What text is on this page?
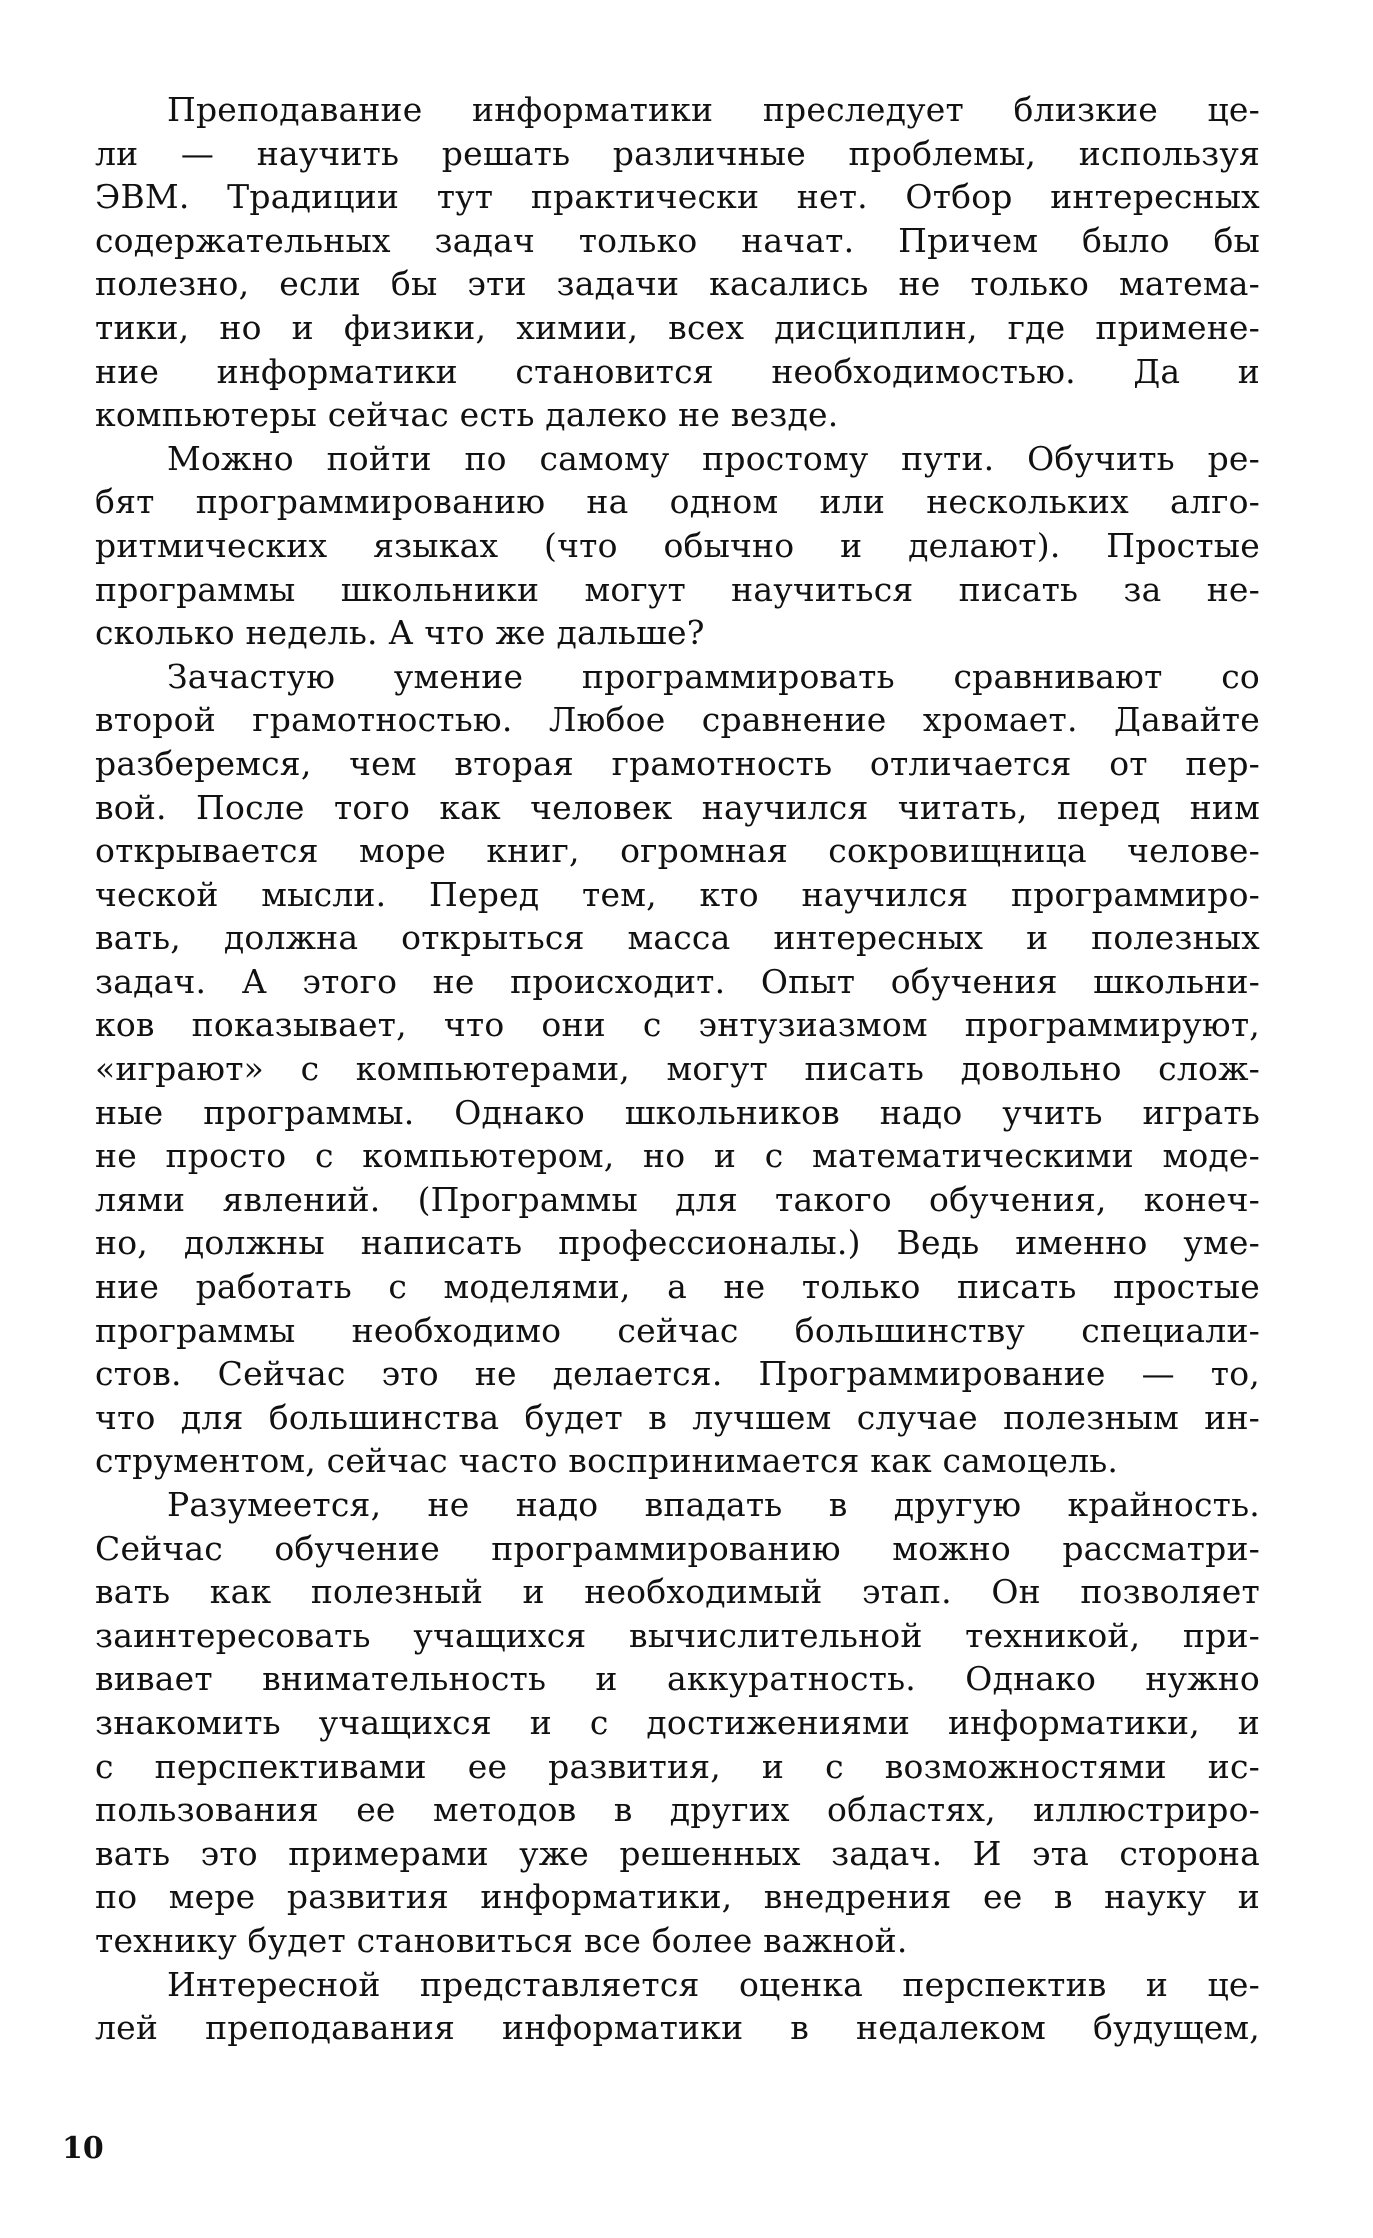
Преподавание информатики преследует близкие це-
ли — научить решать различные проблемы, используя
ЭВМ. Традиции тут практически нет. Отбор интересных
содержательных задач только начат. Причем было бы
полезно, если бы эти задачи касались не только матема-
тики, но и физики, химии, всех дисциплин, где примене-
ние информатики становится необходимостью. Да и
компьютеры сейчас есть далеко не везде.

Можно пойти по самому простому пути. Обучить ре-
бят программированию на одном или нескольких алго-
ритмических языках (что обычно и делают). Простые
программы школьники могут научиться писать за не-
сколько недель. А что же дальше?

Зачастую умение программировать сравнивают со
второй грамотностью. Любое сравнение хромает. Давайте
разберемся, чем вторая грамотность отличается от пер-
вой. После того как человек научился читать, перед ним
открывается море книг, огромная сокровищница челове-
ческой мысли. Перед тем, кто научился программиро-
вать, должна открыться масса интересных и полезных
задач. А этого не происходит. Опыт обучения школьни-
ков показывает, что они с энтузиазмом программируют,
«играют» с компьютерами, могут писать довольно слож-
ные программы. Однако школьников надо учить играть
не просто с компьютером, но и с математическими моде-
лями явлений. (Программы для такого обучения, конеч-
но, должны написать профессионалы.) Ведь именно уме-
ние работать с моделями, а не только писать простые
программы необходимо сейчас большинству специали-
стов. Сейчас это не делается. Программирование — то,
что для большинства будет в лучшем случае полезным ин-
струментом, сейчас часто воспринимается как самоцель.

Разумеется, не надо впадать в другую крайность.
Сейчас обучение программированию можно рассматри-
вать как полезный и необходимый этап. Он позволяет
заинтересовать учащихся вычислительной техникой, при-
вивает внимательность и аккуратность. Однако нужно
знакомить учащихся и с достижениями информатики, и
с перспективами ее развития, и с возможностями ис-
пользования ее методов в других областях, иллюстриро-
вать это примерами уже решенных задач. И эта сторона
по мере развития информатики, внедрения ее в науку и
технику будет становиться все более важной.

Интересной представляется оценка перспектив и це-
лей преподавания информатики в недалеком будущем,

10
